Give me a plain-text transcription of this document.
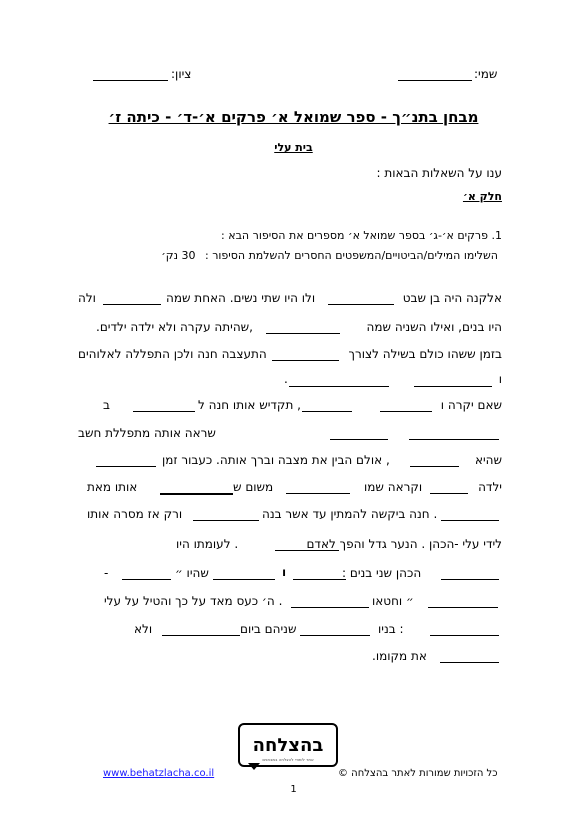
שמי:
ציון:
מבחן בתנ״ך - ספר שמואל א׳ פרקים א׳-ד׳ - כיתה ז׳
בית עלי
ענו על השאלות הבאות :
חלק א׳
1. פרקים א׳-ג׳ בספר שמואל א׳ מספרים את הסיפור הבא :
השלימו המילים/הביטויים/המשפטים החסרים להשלמת הסיפור : 30 נק׳
אלקנה היה בן שבט
ולו היו שתי נשים. האחת שמה
ולה
היו בנים, ואילו השניה שמה
,שהיתה עקרה ולא ילדה ילדים.
בזמן ששהו כולם בשילה לצורך
התעצבה חנה ולכן התפללה לאלוהים
ו
.
שאם יקרה ו
, תקדיש אותו חנה ל
ב
שראה אותה מתפללת חשב
שהיא
, אולם הבין את מצבה וברך אותה. כעבור זמן
ילדה
וקראה שמו
משום ש
אותו מאת
. חנה ביקשה להמתין עד אשר בנה
ורק אז מסרה אותו
לידי עלי -הכהן . הנער גדל והפך לאדם
. לעומתו היו
הכהן שני בנים :
ו
שהיו ״
-
״ וחטאו
. ה׳ כעס מאד על כך והטיל על עלי
: בניו
שניהם ביום
ולא
את מקומו.
בהצלחה
אתר לימודי להצלחה במבחנים
כל הזכויות שמורות לאתר בהצלחה ©
www.behatzlacha.co.il
1
